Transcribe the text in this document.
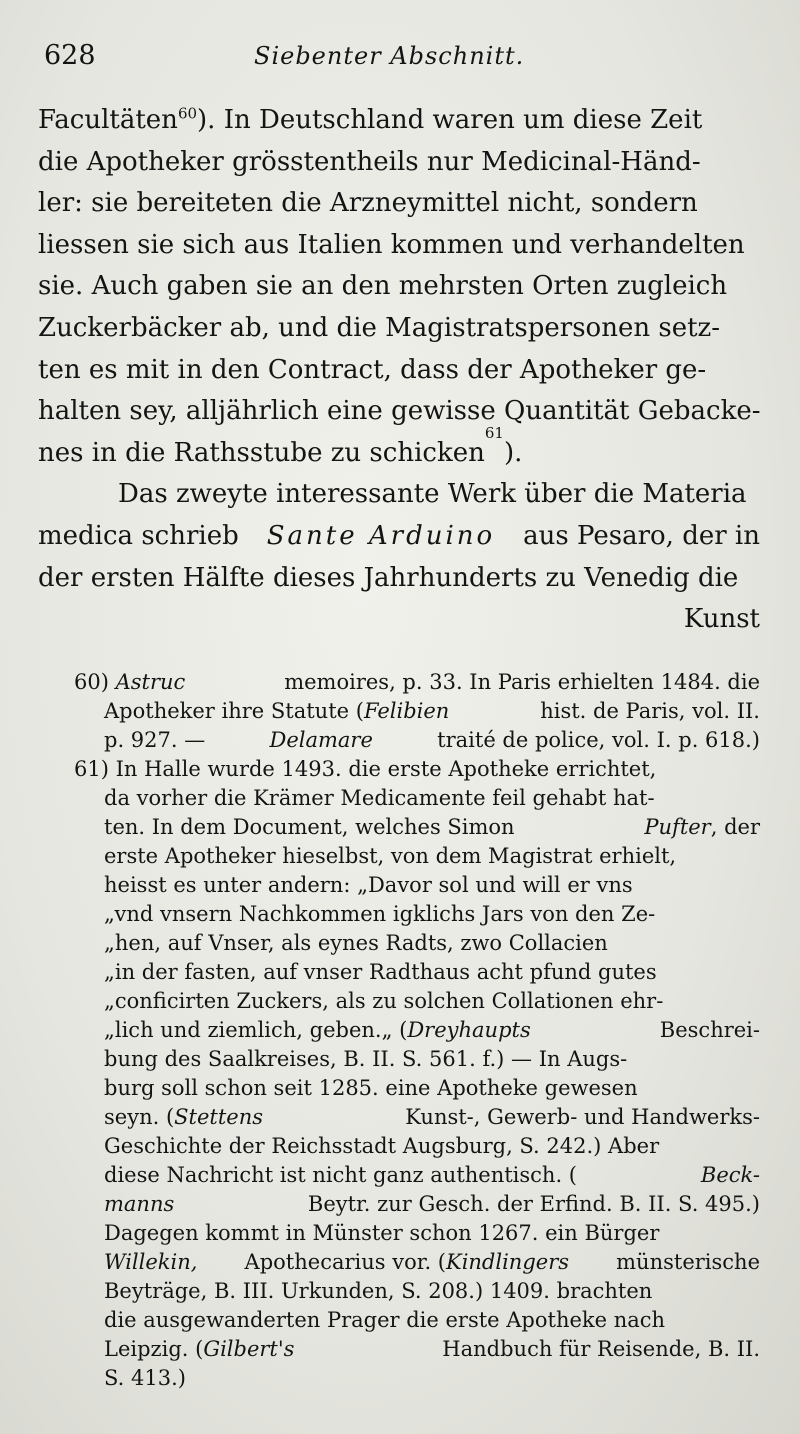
628	Siebenter Abschnitt.
Facultäten$^{60}$). In Deutschland waren um diese Zeit
die Apotheker grösstentheils nur Medicinal-Händ-
ler: sie bereiteten die Arzneymittel nicht, sondern
liessen sie sich aus Italien kommen und verhandelten
sie. Auch gaben sie an den mehrsten Orten zugleich
Zuckerbäcker ab, und die Magistratspersonen setz-
ten es mit in den Contract, dass der Apotheker ge-
halten sey, alljährlich eine gewisse Quantität Gebacke-
nes in die Rathsstube zu schicken
61
).
Das zweyte interessante Werk über die Materia
medica schrieb Sante Arduino aus Pesaro, der in
der ersten Hälfte dieses Jahrhunderts zu Venedig die
Kunst
60) Astruc	memoires, p. 33. In Paris erhielten 1484. die
Apotheker ihre Statute (Felibien	hist. de Paris, vol. II.
p. 927. —	Delamare	traité de police, vol. I. p. 618.)
61) In Halle wurde 1493. die erste Apotheke errichtet,
da vorher die Krämer Medicamente feil gehabt hat-
ten. In dem Document, welches Simon	Pufter, der
erste Apotheker hieselbst, von dem Magistrat erhielt,
heisst es unter andern: „Davor sol und will er vns
„vnd vnsern Nachkommen igklichs Jars von den Ze-
„hen, auf Vnser, als eynes Radts, zwo Collacien
„in der fasten, auf vnser Radthaus acht pfund gutes
„conficirten Zuckers, als zu solchen Collationen ehr-
„lich und ziemlich, geben.„ (Dreyhaupts	Beschrei-
bung des Saalkreises, B. II. S. 561. f.) — In Augs-
burg soll schon seit 1285. eine Apotheke gewesen
seyn. (Stettens	Kunst-, Gewerb- und Handwerks-
Geschichte der Reichsstadt Augsburg, S. 242.) Aber
diese Nachricht ist nicht ganz authentisch. (	Beck-
manns	Beytr. zur Gesch. der Erfind. B. II. S. 495.)
Dagegen kommt in Münster schon 1267. ein Bürger
Willekin, Apothecarius vor. (Kindlingers münsterische
Beyträge, B. III. Urkunden, S. 208.) 1409. brachten
die ausgewanderten Prager die erste Apotheke nach
Leipzig. (Gilbert's	Handbuch für Reisende, B. II.
S. 413.)
